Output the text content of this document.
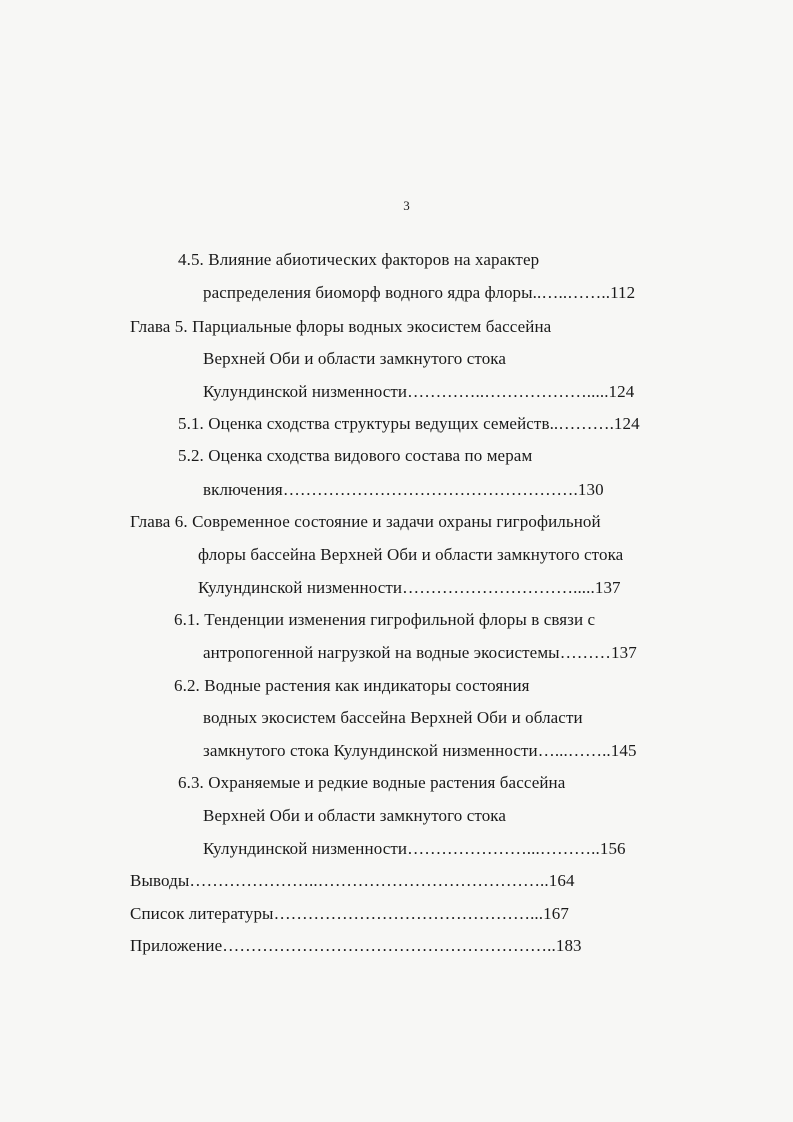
3
4.5. Влияние абиотических факторов на характер
распределения биоморф водного ядра флоры..…..……..112
Глава 5. Парциальные флоры водных экосистем бассейна
Верхней Оби и области замкнутого стока
Кулундинской низменности…………..……………….....124
5.1. Оценка сходства структуры ведущих семейств..……….124
5.2. Оценка сходства видового состава по мерам
включения…………………………………………….130
Глава 6. Современное состояние и задачи охраны гигрофильной
флоры бассейна Верхней Оби и области замкнутого стока
Кулундинской низменности………………………….....137
6.1. Тенденции изменения гигрофильной флоры в связи с
антропогенной нагрузкой на водные экосистемы………137
6.2. Водные растения как индикаторы состояния
водных экосистем бассейна Верхней Оби и области
замкнутого стока Кулундинской низменности…...……..145
6.3. Охраняемые и редкие водные растения бассейна
Верхней Оби и области замкнутого стока
Кулундинской низменности…………………...………..156
Выводы…………………..…………………………………..164
Список литературы………………………………………...167
Приложение…………………………………………………..183
